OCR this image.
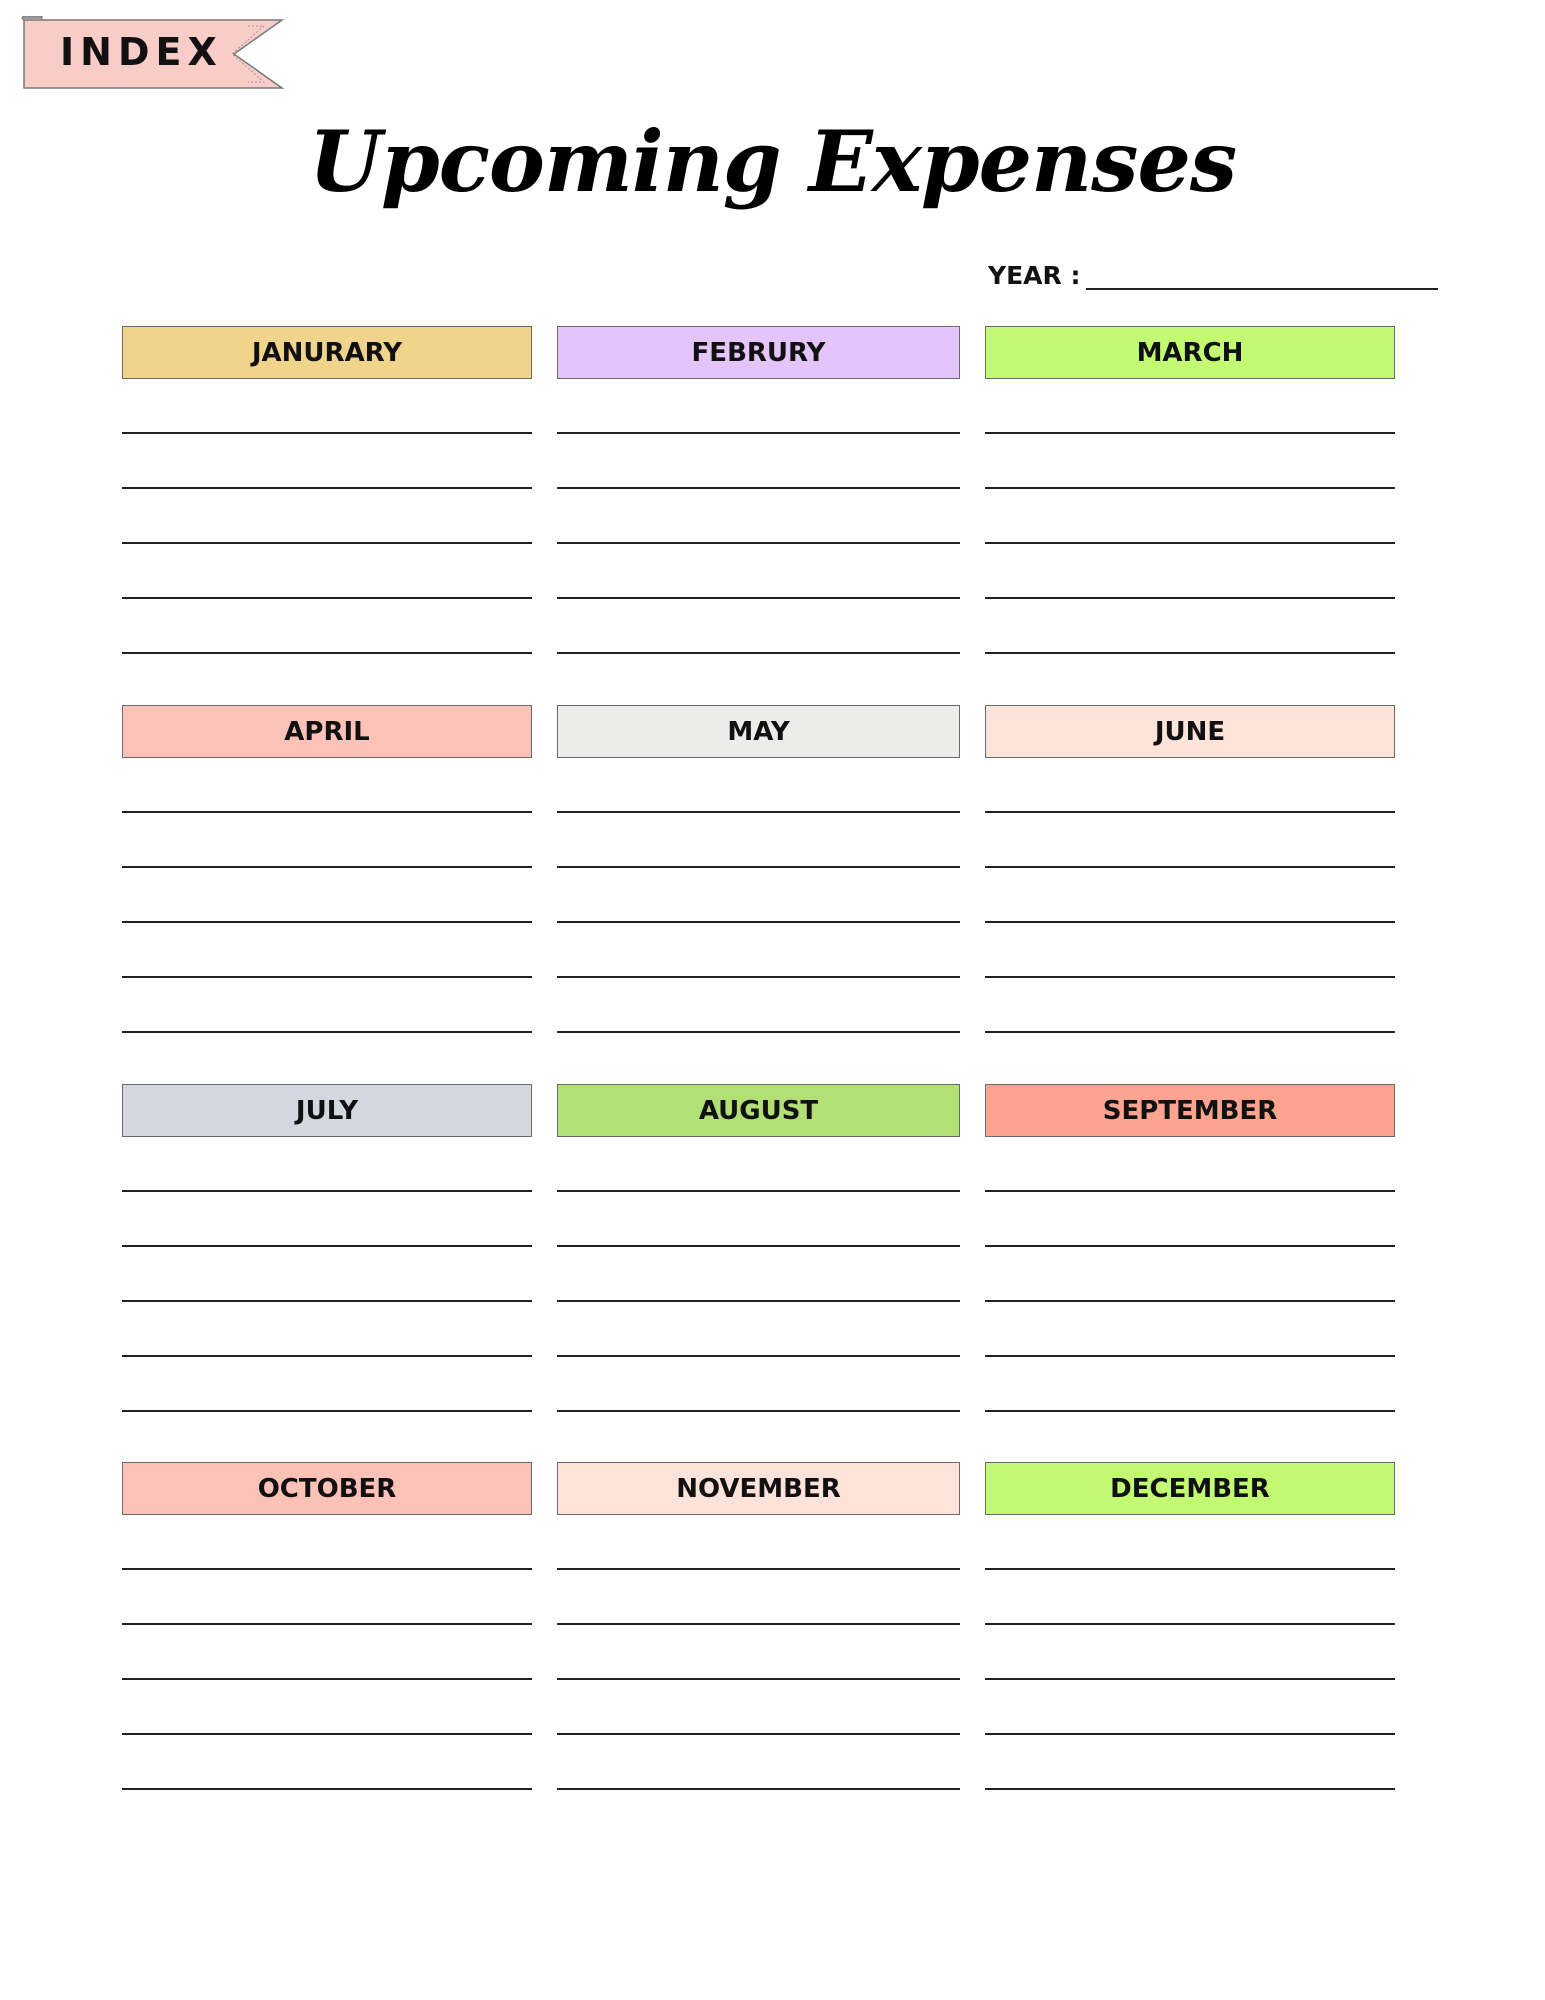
INDEX
Upcoming Expenses
YEAR :
JANURARY	FEBRURY	MARCH
APRIL	MAY	JUNE
JULY	AUGUST	SEPTEMBER
OCTOBER	NOVEMBER	DECEMBER
